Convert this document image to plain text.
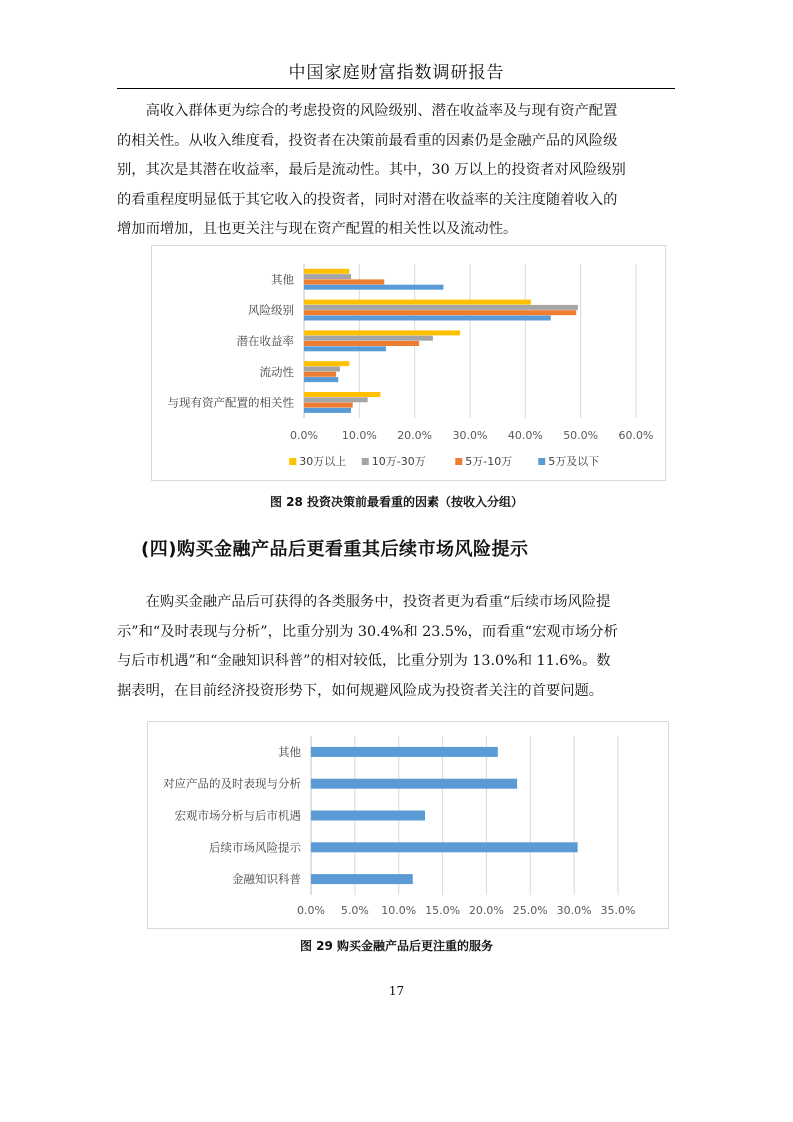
中国家庭财富指数调研报告
高收入群体更为综合的考虑投资的风险级别、潜在收益率及与现有资产配置
的相关性。从收入维度看，投资者在决策前最看重的因素仍是金融产品的风险级
别，其次是其潜在收益率，最后是流动性。其中，30 万以上的投资者对风险级别
的看重程度明显低于其它收入的投资者，同时对潜在收益率的关注度随着收入的
增加而增加，且也更关注与现在资产配置的相关性以及流动性。
0.0% 10.0% 20.0% 30.0% 40.0% 50.0% 60.0%
其他
风险级别
潜在收益率
流动性
与现有资产配置的相关性
30万以上 10万-30万	5万-10万	5万及以下
图 28 投资决策前最看重的因素（按收入分组）
(四)购买金融产品后更看重其后续市场风险提示
在购买金融产品后可获得的各类服务中，投资者更为看重“后续市场风险提
示”和“及时表现与分析”，比重分别为 30.4%和 23.5%，而看重“宏观市场分析
与后市机遇”和“金融知识科普”的相对较低，比重分别为 13.0%和 11.6%。数
据表明，在目前经济投资形势下，如何规避风险成为投资者关注的首要问题。
0.0% 5.0% 10.0% 15.0% 20.0% 25.0% 30.0% 35.0%
其他
对应产品的及时表现与分析
宏观市场分析与后市机遇
后续市场风险提示
金融知识科普
图 29 购买金融产品后更注重的服务
17
